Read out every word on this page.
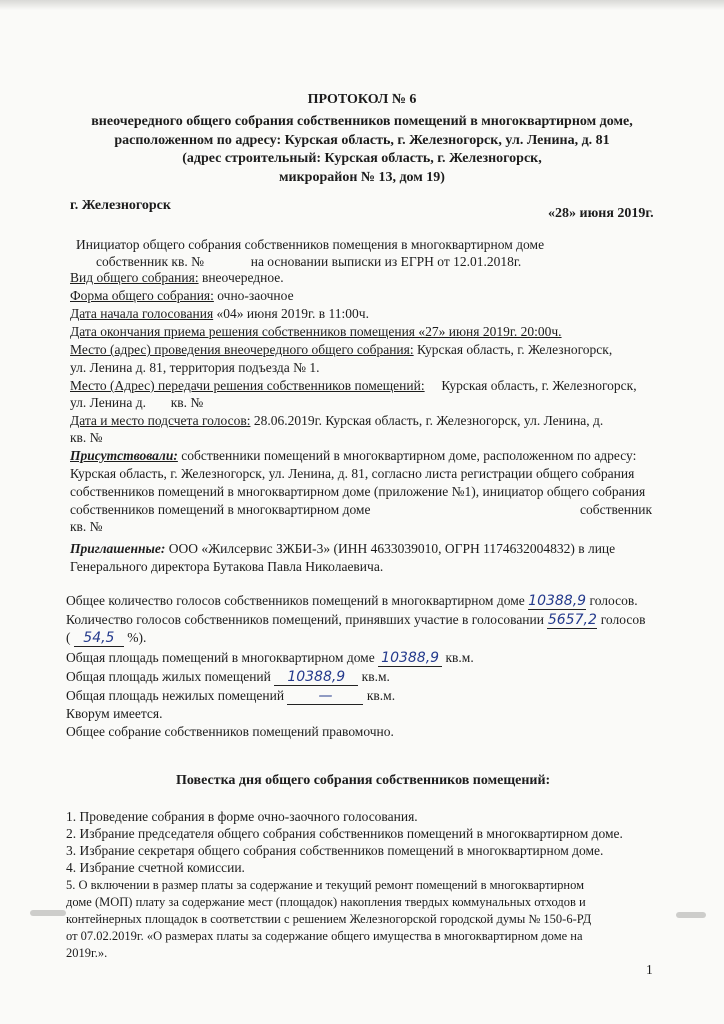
ПРОТОКОЛ № 6
внеочередного общего собрания собственников помещений в многоквартирном доме,
расположенном по адресу: Курская область, г. Железногорск, ул. Ленина, д. 81
(адрес строительный: Курская область, г. Железногорск,
микрорайон № 13, дом 19)
г. Железногорск
«28» июня 2019г.
Инициатор общего собрания собственников помещения в многоквартирном доме
собственник кв. №	на основании выписки из ЕГРН от 12.01.2018г.
Вид общего собрания: внеочередное.
Форма общего собрания: очно-заочное
Дата начала голосования «04» июня 2019г. в 11:00ч.
Дата окончания приема решения собственников помещения «27» июня 2019г. 20:00ч.
Место (адрес) проведения внеочередного общего собрания: Курская область, г. Железногорск,
ул. Ленина д. 81, территория подъезда № 1.
Место (Адрес) передачи решения собственников помещений: Курская область, г. Железногорск,
ул. Ленина д. кв. №
Дата и место подсчета голосов: 28.06.2019г. Курская область, г. Железногорск, ул. Ленина, д.
кв. №
Присутствовали: собственники помещений в многоквартирном доме, расположенном по адресу:
Курская область, г. Железногорск, ул. Ленина, д. 81, согласно листа регистрации общего собрания
собственников помещений в многоквартирном доме (приложение №1), инициатор общего собрания
собственников помещений в многоквартирном доме	собственник
кв. №
Приглашенные: ООО «Жилсервис ЗЖБИ-3» (ИНН 4633039010, ОГРН 1174632004832) в лице
Генерального директора Бутакова Павла Николаевича.
Общее количество голосов собственников помещений в многоквартирном доме 10388,9 голосов.
Количество голосов собственников помещений, принявших участие в голосовании 5657,2 голосов
( 54,5 %).
Общая площадь помещений в многоквартирном доме 10388,9 кв.м.
Общая площадь жилых помещений 10388,9 кв.м.
Общая площадь нежилых помещений —	кв.м.
Кворум имеется.
Общее собрание собственников помещений правомочно.
Повестка дня общего собрания собственников помещений:
1. Проведение собрания в форме очно-заочного голосования.
2. Избрание председателя общего собрания собственников помещений в многоквартирном доме.
3. Избрание секретаря общего собрания собственников помещений в многоквартирном доме.
4. Избрание счетной комиссии.
5. О включении в размер платы за содержание и текущий ремонт помещений в многоквартирном
доме (МОП) плату за содержание мест (площадок) накопления твердых коммунальных отходов и
контейнерных площадок в соответствии с решением Железногорской городской думы № 150-6-РД
от 07.02.2019г. «О размерах платы за содержание общего имущества в многоквартирном доме на
2019г.».
1
